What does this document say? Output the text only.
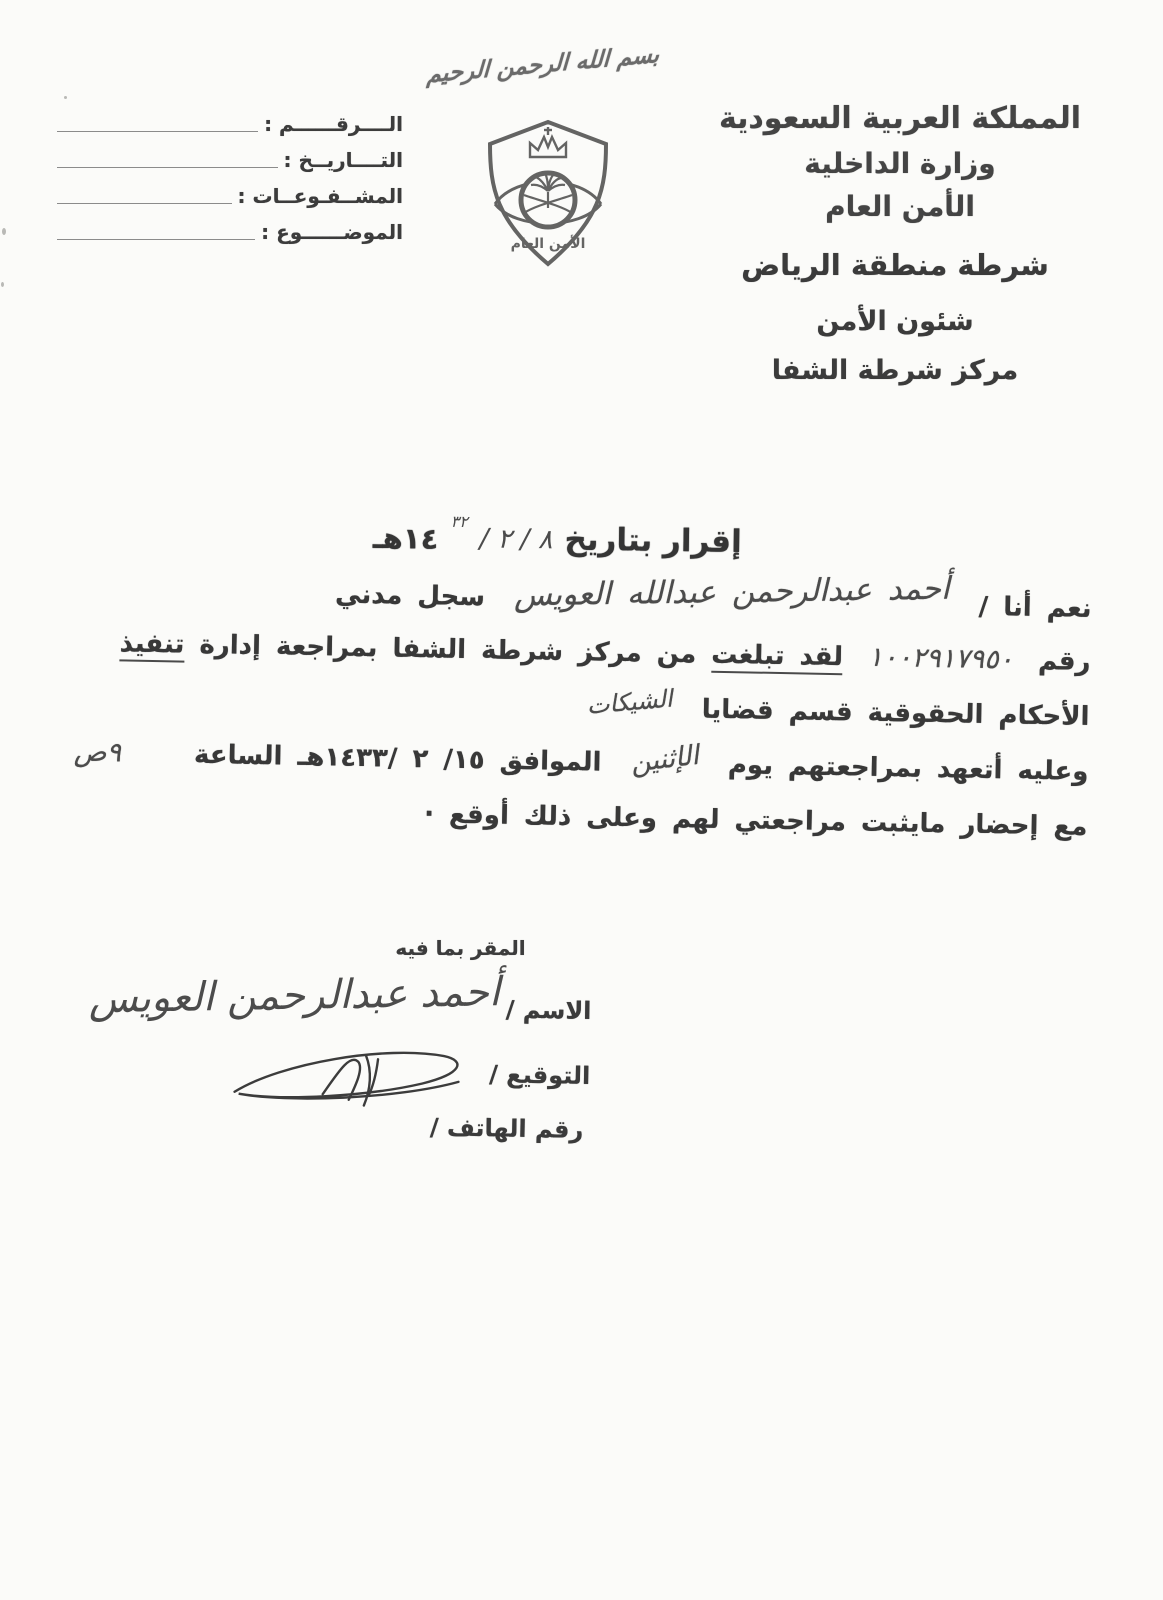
بسم الله الرحمن الرحيم
المملكة العربية السعودية
وزارة الداخلية
الأمن العام
الأمن العام
الــــرقــــــم :
التــــاريــخ :
المشــفـوعــات :
الموضــــــوع :
شرطة منطقة الرياض
شئون الأمن
مركز شرطة الشفا
إقرار بتاريخ
٨ / ٢ /
٣٢
١٤هـ
نعم أنا / أحمد عبدالرحمن عبدالله العويس سجل مدني
رقم ١٠٠٢٩١٧٩٥٠ لقد تبلغت من مركز شرطة الشفا بمراجعة إدارة تنفيذ
الأحكام الحقوقية قسم قضايا الشيكات
وعليه أتعهد بمراجعتهم يوم الإثنين الموافق ١٥/ ٢ /١٤٣٣هـ الساعة ٩ص
مع إحضار مايثبت مراجعتي لهم وعلى ذلك أوقع ·
المقر بما فيه
الاسم /
أحمد عبدالرحمن العويس
التوقيع /
رقم الهاتف /
